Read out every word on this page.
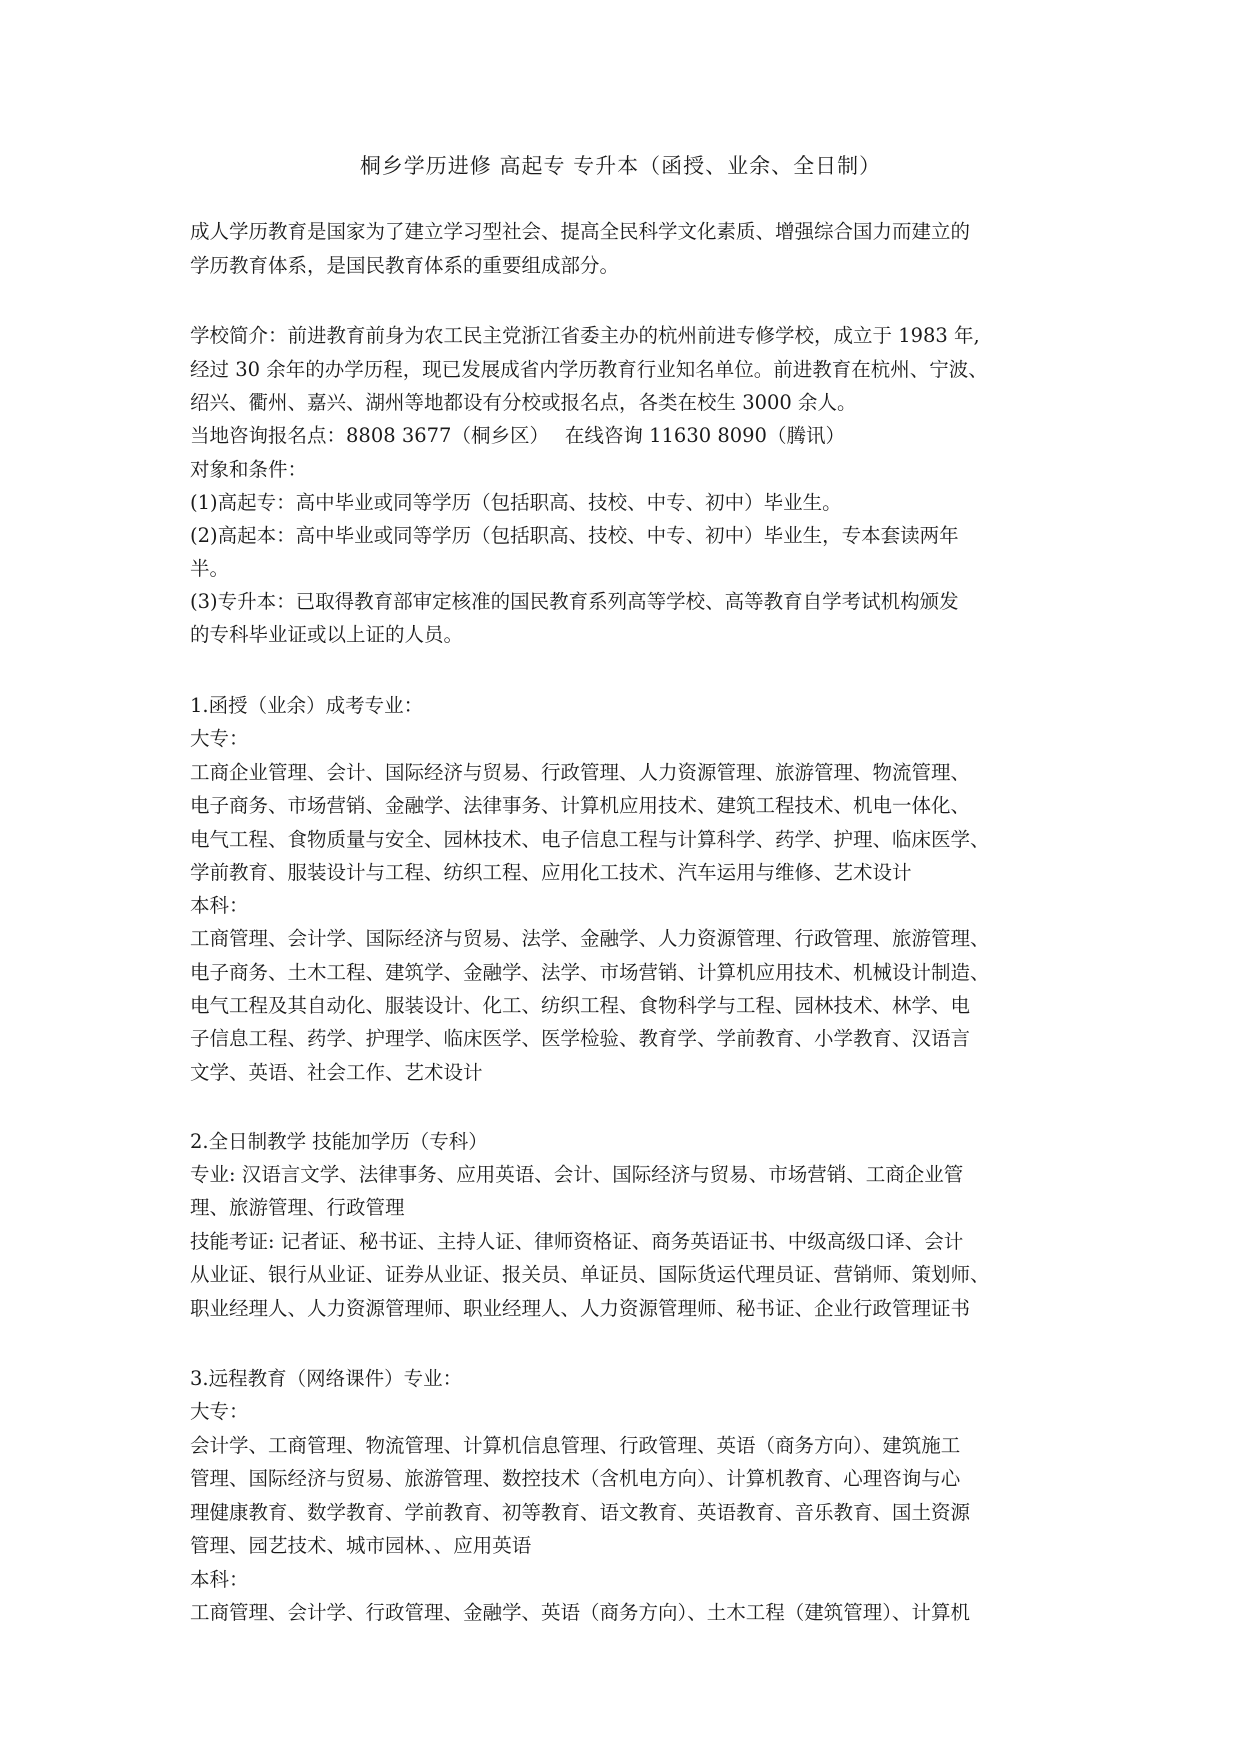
桐乡学历进修 高起专 专升本（函授、业余、全日制）
成人学历教育是国家为了建立学习型社会、提高全民科学文化素质、增强综合国力而建立的
学历教育体系，是国民教育体系的重要组成部分。
学校简介：前进教育前身为农工民主党浙江省委主办的杭州前进专修学校，成立于 1983 年,
经过 30 余年的办学历程，现已发展成省内学历教育行业知名单位。前进教育在杭州、宁波、
绍兴、衢州、嘉兴、湖州等地都设有分校或报名点，各类在校生 3000 余人。
当地咨询报名点：8808 3677（桐乡区）　 在线咨询 11630 8090（腾讯）
对象和条件：
(1)高起专：高中毕业或同等学历（包括职高、技校、中专、初中）毕业生。
(2)高起本：高中毕业或同等学历（包括职高、技校、中专、初中）毕业生，专本套读两年
半。
(3)专升本：已取得教育部审定核准的国民教育系列高等学校、高等教育自学考试机构颁发
的专科毕业证或以上证的人员。
1.函授（业余）成考专业：
大专：
工商企业管理、会计、国际经济与贸易、行政管理、人力资源管理、旅游管理、物流管理、
电子商务、市场营销、金融学、法律事务、计算机应用技术、建筑工程技术、机电一体化、
电气工程、食物质量与安全、园林技术、电子信息工程与计算科学、药学、护理、临床医学、
学前教育、服装设计与工程、纺织工程、应用化工技术、汽车运用与维修、艺术设计
本科：
工商管理、会计学、国际经济与贸易、法学、金融学、人力资源管理、行政管理、旅游管理、
电子商务、土木工程、建筑学、金融学、法学、市场营销、计算机应用技术、机械设计制造、
电气工程及其自动化、服装设计、化工、纺织工程、食物科学与工程、园林技术、林学、电
子信息工程、药学、护理学、临床医学、医学检验、教育学、学前教育、小学教育、汉语言
文学、英语、社会工作、艺术设计
2.全日制教学 技能加学历（专科）
专业: 汉语言文学、法律事务、应用英语、会计、国际经济与贸易、市场营销、工商企业管
理、旅游管理、行政管理
技能考证: 记者证、秘书证、主持人证、律师资格证、商务英语证书、中级高级口译、会计
从业证、银行从业证、证券从业证、报关员、单证员、国际货运代理员证、营销师、策划师、
职业经理人、人力资源管理师、职业经理人、人力资源管理师、秘书证、企业行政管理证书
3.远程教育（网络课件）专业：
大专：
会计学、工商管理、物流管理、计算机信息管理、行政管理、英语（商务方向）、建筑施工
管理、国际经济与贸易、旅游管理、数控技术（含机电方向）、计算机教育、心理咨询与心
理健康教育、数学教育、学前教育、初等教育、语文教育、英语教育、音乐教育、国土资源
管理、园艺技术、城市园林、、应用英语
本科：
工商管理、会计学、行政管理、金融学、英语（商务方向）、土木工程（建筑管理）、计算机
